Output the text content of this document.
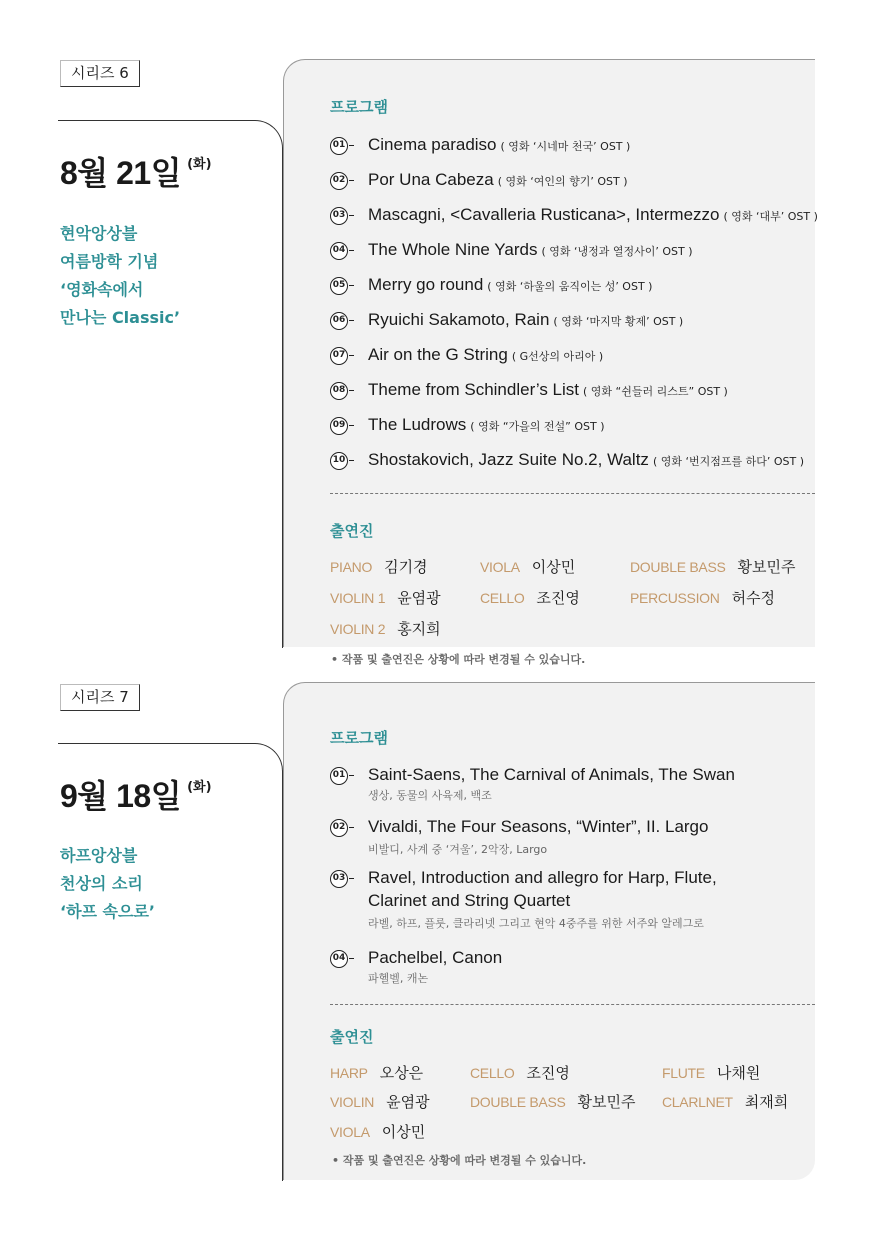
시리즈 6
8월 21일 $^{(화)}$
현악앙상블
여름방학 기념
‘영화속에서
만나는 Classic’
프로그램
01 Cinema paradiso ( 영화 ‘시네마 천국’ OST )
02 Por Una Cabeza ( 영화 ‘여인의 향기’ OST )
03 Mascagni, <Cavalleria Rusticana>, Intermezzo ( 영화 ‘대부’ OST )
04 The Whole Nine Yards ( 영화 ‘냉정과 열정사이’ OST )
05 Merry go round ( 영화 ‘하울의 움직이는 성’ OST )
06 Ryuichi Sakamoto, Rain ( 영화 ‘마지막 황제’ OST )
07 Air on the G String ( G선상의 아리아 )
08 Theme from Schindler’s List ( 영화 “쉰들러 리스트” OST )
09 The Ludrows ( 영화 “가을의 전설” OST )
10 Shostakovich, Jazz Suite No.2, Waltz ( 영화 ‘번지점프를 하다’ OST )
출연진
PIANO 김기경	VIOLA 이상민	DOUBLE BASS 황보민주
VIOLIN 1 윤염광	CELLO 조진영	PERCUSSION 허수정
VIOLIN 2 홍지희
• 작품 및 출연진은 상황에 따라 변경될 수 있습니다.
시리즈 7
9월 18일 $^{(화)}$
하프앙상블
천상의 소리
‘하프 속으로’
프로그램
01 Saint-Saens, The Carnival of Animals, The Swan
생상, 동물의 사육제, 백조
02 Vivaldi, The Four Seasons, “Winter”, II. Largo
비발디, 사계 중 ‘겨울’, 2악장, Largo
03 Ravel, Introduction and allegro for Harp, Flute,
Clarinet and String Quartet
라벨, 하프, 플룻, 클라리넷 그리고 현악 4중주를 위한 서주와 알레그로
04 Pachelbel, Canon
파헬벨, 캐논
출연진
HARP 오상은	CELLO 조진영	FLUTE 나채원
VIOLIN 윤염광	DOUBLE BASS 황보민주 CLARLNET 최재희
VIOLA 이상민
• 작품 및 출연진은 상황에 따라 변경될 수 있습니다.
